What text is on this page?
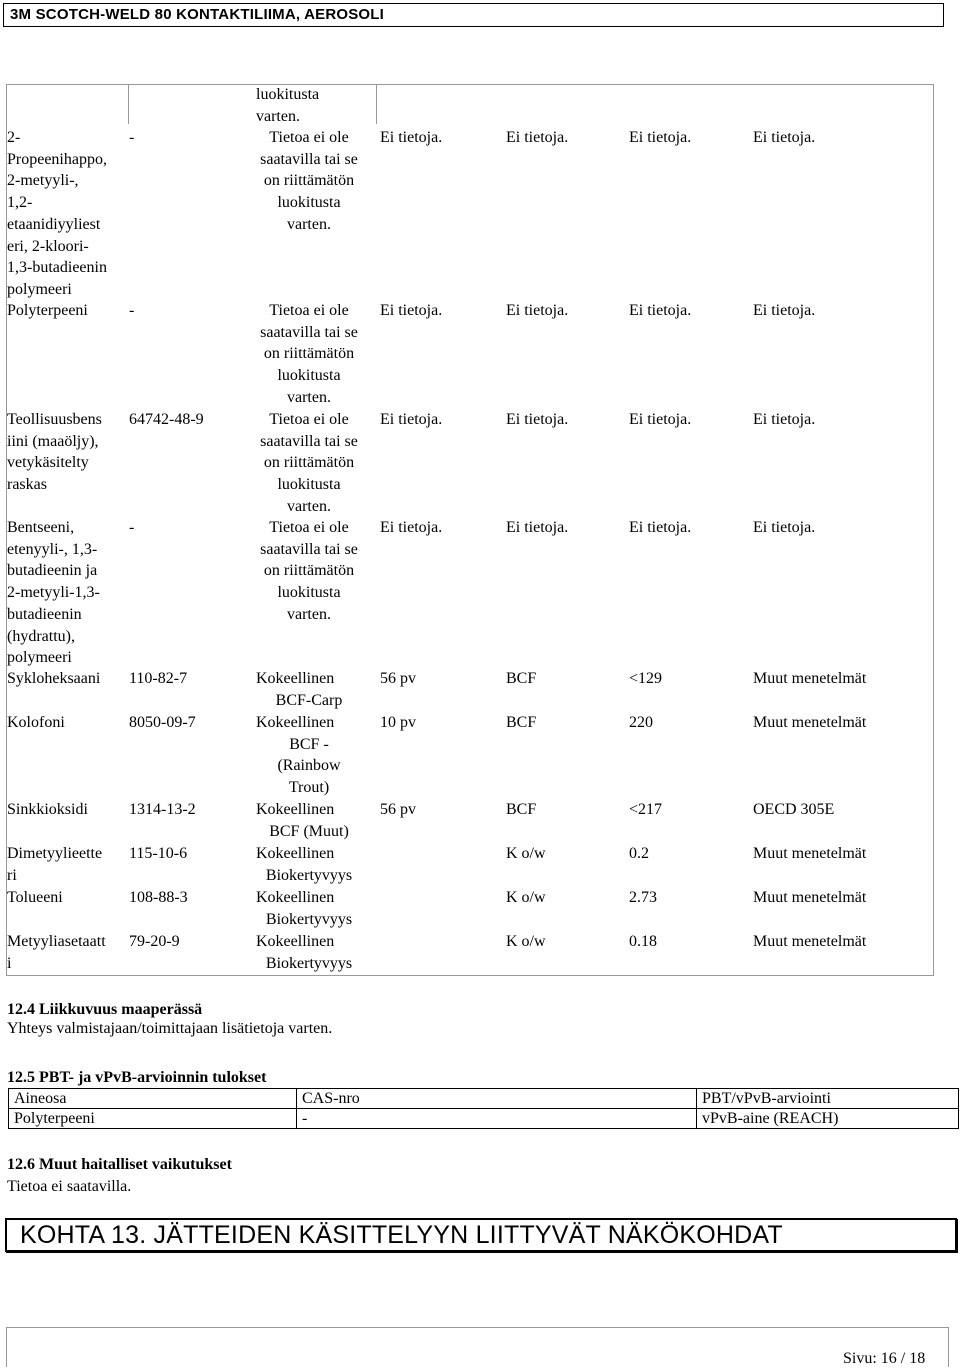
3M SCOTCH-WELD 80 KONTAKTILIIMA, AEROSOLI
luokitusta
varten.
2-
Propeenihappo,
2-metyyli-,
1,2-
etaanidiyyliest
eri, 2-kloori-
1,3-butadieenin
polymeeri
-	Tietoa ei ole
saatavilla tai se
on riittämätön
luokitusta
varten.
Ei tietoja.	Ei tietoja.	Ei tietoja.	Ei tietoja.
Polyterpeeni	-	Tietoa ei ole
saatavilla tai se
on riittämätön
luokitusta
varten.
Ei tietoja.	Ei tietoja.	Ei tietoja.	Ei tietoja.
Teollisuusbens
iini (maaöljy),
vetykäsitelty
raskas
64742-48-9	Tietoa ei ole
saatavilla tai se
on riittämätön
luokitusta
varten.
Ei tietoja.	Ei tietoja.	Ei tietoja.	Ei tietoja.
Bentseeni,
etenyyli-, 1,3-
butadieenin ja
2-metyyli-1,3-
butadieenin
(hydrattu),
polymeeri
-	Tietoa ei ole
saatavilla tai se
on riittämätön
luokitusta
varten.
Ei tietoja.	Ei tietoja.	Ei tietoja.	Ei tietoja.
Sykloheksaani 110-82-7	Kokeellinen
BCF-Carp
56 pv	BCF	<129	Muut menetelmät
Kolofoni	8050-09-7	Kokeellinen
BCF -
(Rainbow
Trout)
10 pv	BCF	220	Muut menetelmät
Sinkkioksidi	1314-13-2	Kokeellinen
BCF (Muut)
56 pv	BCF	<217	OECD 305E
Dimetyylieette
ri
115-10-6	Kokeellinen
Biokertyvyys
K o/w	0.2	Muut menetelmät
Tolueeni	108-88-3	Kokeellinen
Biokertyvyys
K o/w	2.73	Muut menetelmät
Metyyliasetaatt
i
79-20-9	Kokeellinen
Biokertyvyys
K o/w	0.18	Muut menetelmät
12.4 Liikkuvuus maaperässä
Yhteys valmistajaan/toimittajaan lisätietoja varten.
12.5 PBT- ja vPvB-arvioinnin tulokset
Aineosa	CAS-nro	PBT/vPvB-arviointi
Polyterpeeni	-	vPvB-aine (REACH)
12.6 Muut haitalliset vaikutukset
Tietoa ei saatavilla.
KOHTA 13. JÄTTEIDEN KÄSITTELYYN LIITTYVÄT NÄKÖKOHDAT
Sivu: 16 / 18
